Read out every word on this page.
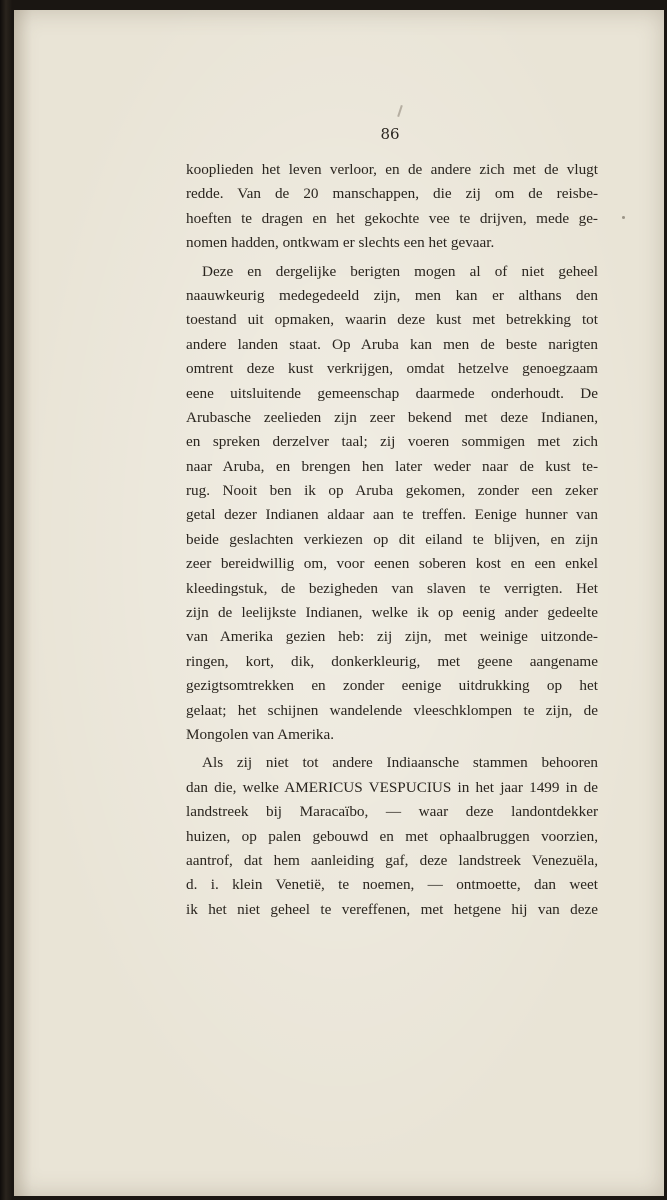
86
kooplieden het leven verloor, en de andere zich met de vlugt
redde. Van de 20 manschappen, die zij om de reisbe-
hoeften te dragen en het gekochte vee te drijven, mede ge-
nomen hadden, ontkwam er slechts een het gevaar.
Deze en dergelijke berigten mogen al of niet geheel
naauwkeurig medegedeeld zijn, men kan er althans den
toestand uit opmaken, waarin deze kust met betrekking tot
andere landen staat. Op Aruba kan men de beste narigten
omtrent deze kust verkrijgen, omdat hetzelve genoegzaam
eene uitsluitende gemeenschap daarmede onderhoudt. De
Arubasche zeelieden zijn zeer bekend met deze Indianen,
en spreken derzelver taal; zij voeren sommigen met zich
naar Aruba, en brengen hen later weder naar de kust te-
rug. Nooit ben ik op Aruba gekomen, zonder een zeker
getal dezer Indianen aldaar aan te treffen. Eenige hunner van
beide geslachten verkiezen op dit eiland te blijven, en zijn
zeer bereidwillig om, voor eenen soberen kost en een enkel
kleedingstuk, de bezigheden van slaven te verrigten. Het
zijn de leelijkste Indianen, welke ik op eenig ander gedeelte
van Amerika gezien heb: zij zijn, met weinige uitzonde-
ringen, kort, dik, donkerkleurig, met geene aangename
gezigtsomtrekken en zonder eenige uitdrukking op het
gelaat; het schijnen wandelende vleeschklompen te zijn, de
Mongolen van Amerika.
Als zij niet tot andere Indiaansche stammen behooren
dan die, welke AMERICUS VESPUCIUS in het jaar 1499 in de
landstreek bij Maracaïbo, — waar deze landontdekker
huizen, op palen gebouwd en met ophaalbruggen voorzien,
aantrof, dat hem aanleiding gaf, deze landstreek Venezuëla,
d. i. klein Venetië, te noemen, — ontmoette, dan weet
ik het niet geheel te vereffenen, met hetgene hij van deze
